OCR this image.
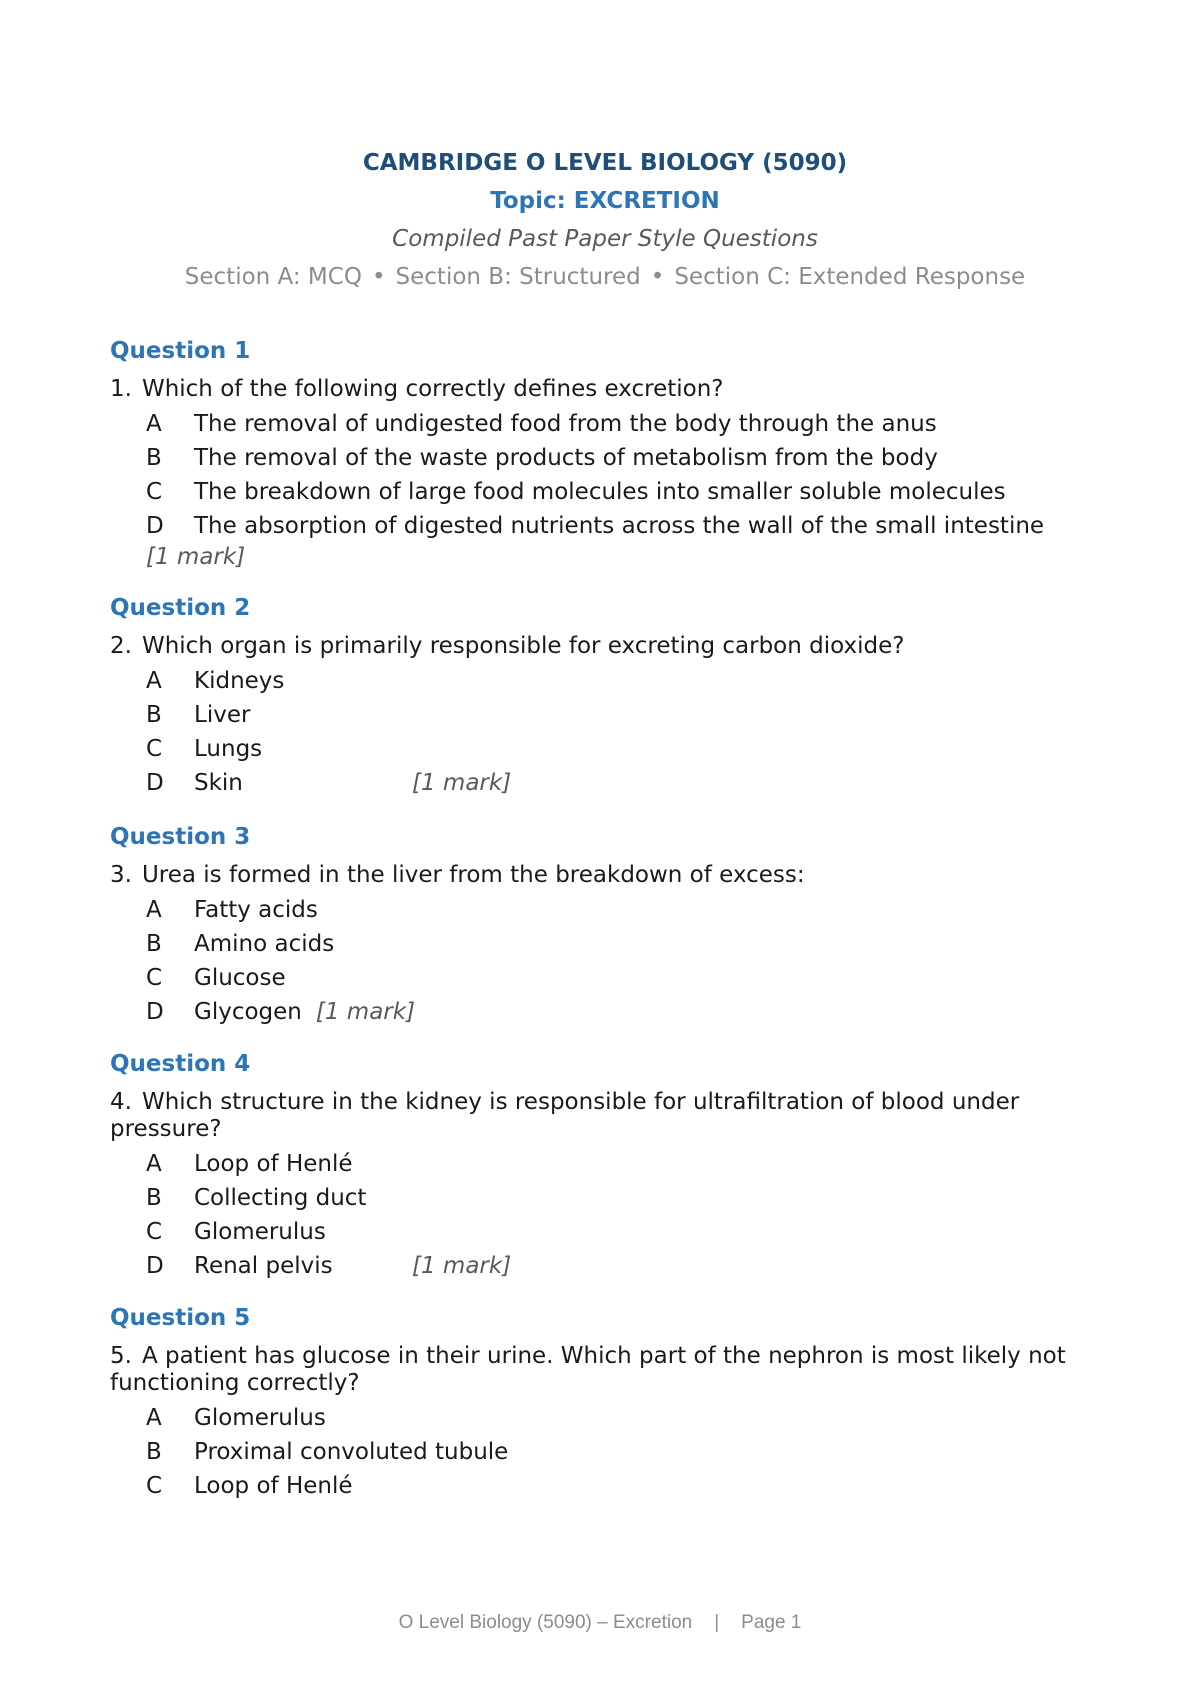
CAMBRIDGE O LEVEL BIOLOGY (5090)
Topic: EXCRETION
Compiled Past Paper Style Questions
Section A: MCQ • Section B: Structured • Section C: Extended Response
Question 1
1. Which of the following correctly defines excretion?
A	The removal of undigested food from the body through the anus
B	The removal of the waste products of metabolism from the body
C	The breakdown of large food molecules into smaller soluble molecules
D	The absorption of digested nutrients across the wall of the small intestine
[1 mark]
Question 2
2. Which organ is primarily responsible for excreting carbon dioxide?
A	Kidneys
B	Liver
C	Lungs
D	Skin	[1 mark]
Question 3
3. Urea is formed in the liver from the breakdown of excess:
A	Fatty acids
B	Amino acids
C	Glucose
D	Glycogen [1 mark]
Question 4
4. Which structure in the kidney is responsible for ultrafiltration of blood under pressure?
A	Loop of Henlé
B	Collecting duct
C	Glomerulus
D	Renal pelvis	[1 mark]
Question 5
5. A patient has glucose in their urine. Which part of the nephron is most likely not functioning correctly?
A	Glomerulus
B	Proximal convoluted tubule
C	Loop of Henlé
O Level Biology (5090) – Excretion | Page 1
